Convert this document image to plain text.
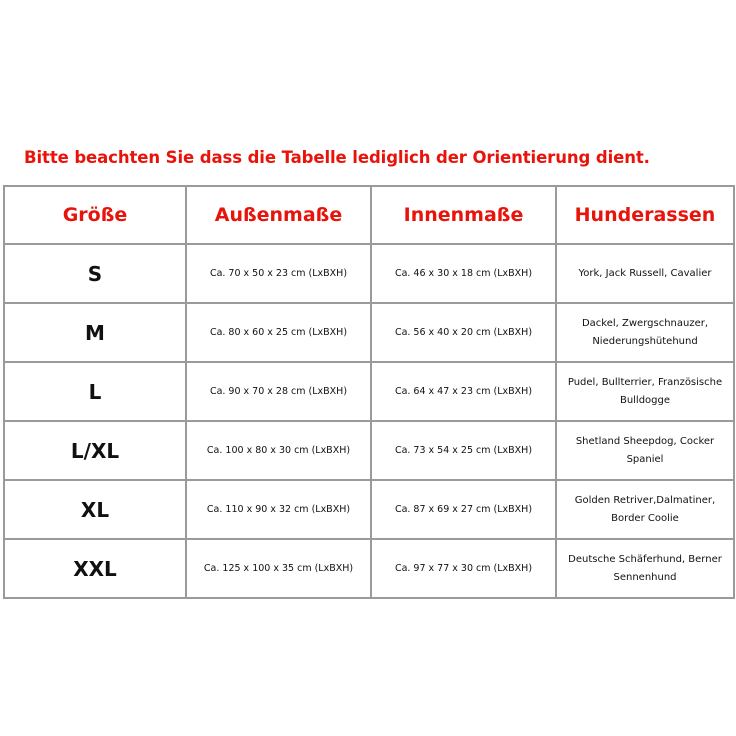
Bitte beachten Sie dass die Tabelle lediglich der Orientierung dient.
Größe	Außenmaße	Innenmaße	Hunderassen
S	Ca. 70 x 50 x 23 cm (LxBXH)	Ca. 46 x 30 x 18 cm (LxBXH)	York, Jack Russell, Cavalier

M	Ca. 80 x 60 x 25 cm (LxBXH)	Ca. 56 x 40 x 20 cm (LxBXH)	Dackel, Zwergschnauzer,
Niederungshütehund

L	Ca. 90 x 70 x 28 cm (LxBXH)	Ca. 64 x 47 x 23 cm (LxBXH)	Pudel, Bullterrier, Französische
Bulldogge

L/XL	Ca. 100 x 80 x 30 cm (LxBXH)	Ca. 73 x 54 x 25 cm (LxBXH)	Shetland Sheepdog, Cocker
Spaniel

XL	Ca. 110 x 90 x 32 cm (LxBXH)	Ca. 87 x 69 x 27 cm (LxBXH)	Golden Retriver,Dalmatiner,
Border Coolie

XXL	Ca. 125 x 100 x 35 cm (LxBXH)	Ca. 97 x 77 x 30 cm (LxBXH)	Deutsche Schäferhund, Berner
Sennenhund
